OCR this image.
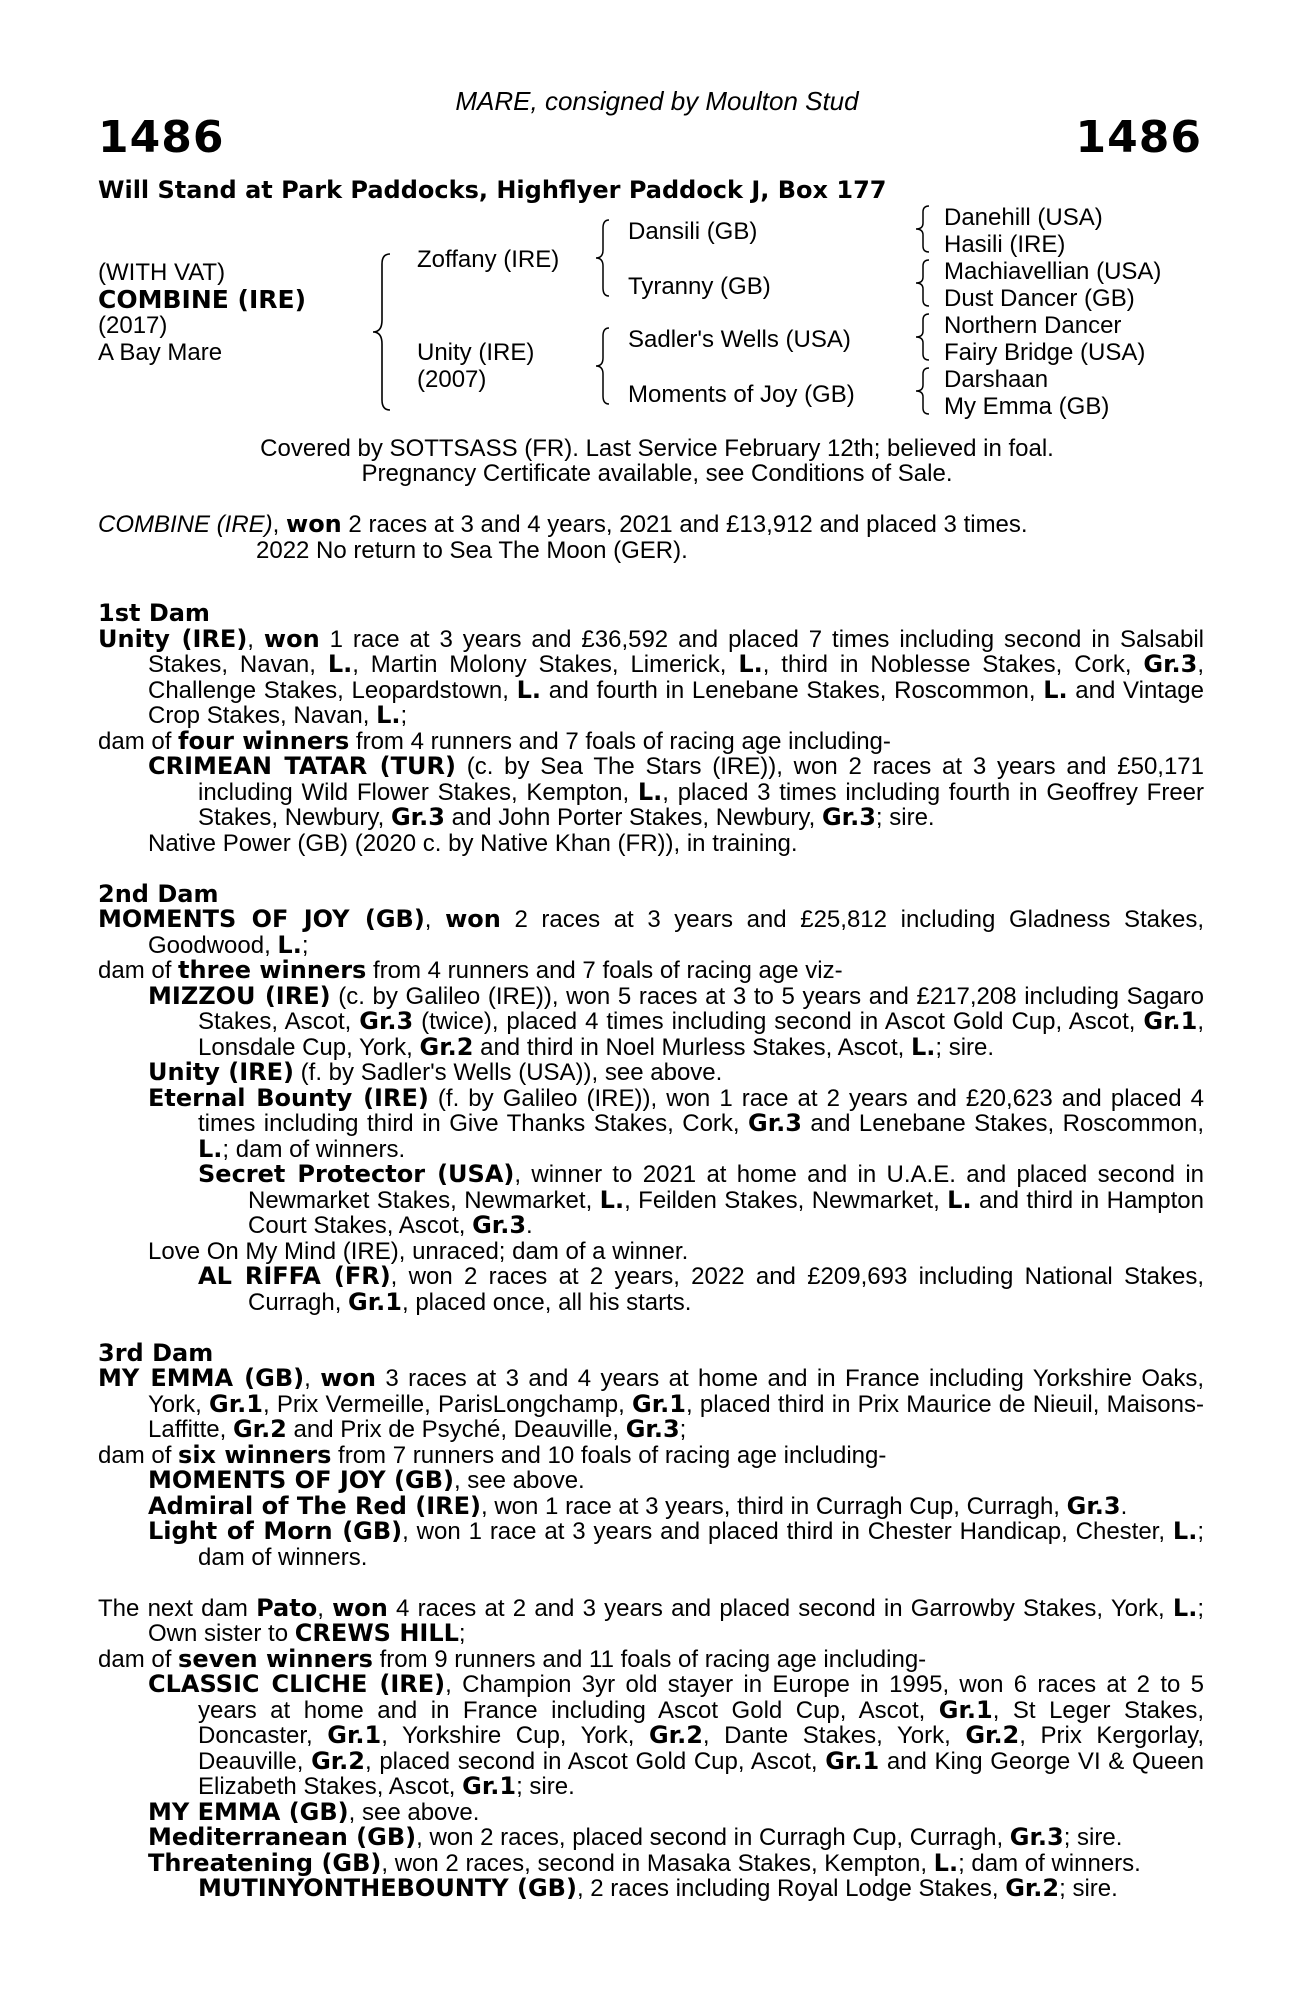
MARE, consigned by Moulton Stud
1486	1486
Will Stand at Park Paddocks, Highflyer Paddock J, Box 177
(WITH VAT)
COMBINE (IRE)
(2017)
A Bay Mare
Zoffany (IRE)
Unity (IRE)
(2007)
Dansili (GB)
Tyranny (GB)
Sadler's Wells (USA)
Moments of Joy (GB)
Danehill (USA)
Hasili (IRE)
Machiavellian (USA)
Dust Dancer (GB)
Northern Dancer
Fairy Bridge (USA)
Darshaan
My Emma (GB)
Covered by SOTTSASS (FR). Last Service February 12th; believed in foal.
Pregnancy Certificate available, see Conditions of Sale.

COMBINE (IRE), won 2 races at 3 and 4 years, 2021 and £13,912 and placed 3 times.

2022 No return to Sea The Moon (GER).

1st Dam

Unity (IRE), won 1 race at 3 years and £36,592 and placed 7 times including second in Salsabil Stakes, Navan, L., Martin Molony Stakes, Limerick, L., third in Noblesse Stakes, Cork, Gr.3, Challenge Stakes, Leopardstown, L. and fourth in Lenebane Stakes, Roscommon, L. and Vintage Crop Stakes, Navan, L.;

dam of four winners from 4 runners and 7 foals of racing age including-

CRIMEAN TATAR (TUR) (c. by Sea The Stars (IRE)), won 2 races at 3 years and £50,171 including Wild Flower Stakes, Kempton, L., placed 3 times including fourth in Geoffrey Freer Stakes, Newbury, Gr.3 and John Porter Stakes, Newbury, Gr.3; sire.

Native Power (GB) (2020 c. by Native Khan (FR)), in training.

2nd Dam

MOMENTS OF JOY (GB), won 2 races at 3 years and £25,812 including Gladness Stakes, Goodwood, L.;

dam of three winners from 4 runners and 7 foals of racing age viz-

MIZZOU (IRE) (c. by Galileo (IRE)), won 5 races at 3 to 5 years and £217,208 including Sagaro Stakes, Ascot, Gr.3 (twice), placed 4 times including second in Ascot Gold Cup, Ascot, Gr.1, Lonsdale Cup, York, Gr.2 and third in Noel Murless Stakes, Ascot, L.; sire.

Unity (IRE) (f. by Sadler's Wells (USA)), see above.

Eternal Bounty (IRE) (f. by Galileo (IRE)), won 1 race at 2 years and £20,623 and placed 4 times including third in Give Thanks Stakes, Cork, Gr.3 and Lenebane Stakes, Roscommon, L.; dam of winners.

Secret Protector (USA), winner to 2021 at home and in U.A.E. and placed second in Newmarket Stakes, Newmarket, L., Feilden Stakes, Newmarket, L. and third in Hampton Court Stakes, Ascot, Gr.3.

Love On My Mind (IRE), unraced; dam of a winner.

AL RIFFA (FR), won 2 races at 2 years, 2022 and £209,693 including National Stakes, Curragh, Gr.1, placed once, all his starts.

3rd Dam

MY EMMA (GB), won 3 races at 3 and 4 years at home and in France including Yorkshire Oaks, York, Gr.1, Prix Vermeille, ParisLongchamp, Gr.1, placed third in Prix Maurice de Nieuil, Maisons-Laffitte, Gr.2 and Prix de Psyché, Deauville, Gr.3;

dam of six winners from 7 runners and 10 foals of racing age including-

MOMENTS OF JOY (GB), see above.

Admiral of The Red (IRE), won 1 race at 3 years, third in Curragh Cup, Curragh, Gr.3.

Light of Morn (GB), won 1 race at 3 years and placed third in Chester Handicap, Chester, L.; dam of winners.

The next dam Pato, won 4 races at 2 and 3 years and placed second in Garrowby Stakes, York, L.; Own sister to CREWS HILL;

dam of seven winners from 9 runners and 11 foals of racing age including-

CLASSIC CLICHE (IRE), Champion 3yr old stayer in Europe in 1995, won 6 races at 2 to 5 years at home and in France including Ascot Gold Cup, Ascot, Gr.1, St Leger Stakes, Doncaster, Gr.1, Yorkshire Cup, York, Gr.2, Dante Stakes, York, Gr.2, Prix Kergorlay, Deauville, Gr.2, placed second in Ascot Gold Cup, Ascot, Gr.1 and King George VI & Queen Elizabeth Stakes, Ascot, Gr.1; sire.

MY EMMA (GB), see above.

Mediterranean (GB), won 2 races, placed second in Curragh Cup, Curragh, Gr.3; sire.

Threatening (GB), won 2 races, second in Masaka Stakes, Kempton, L.; dam of winners.

MUTINYONTHEBOUNTY (GB), 2 races including Royal Lodge Stakes, Gr.2; sire.
